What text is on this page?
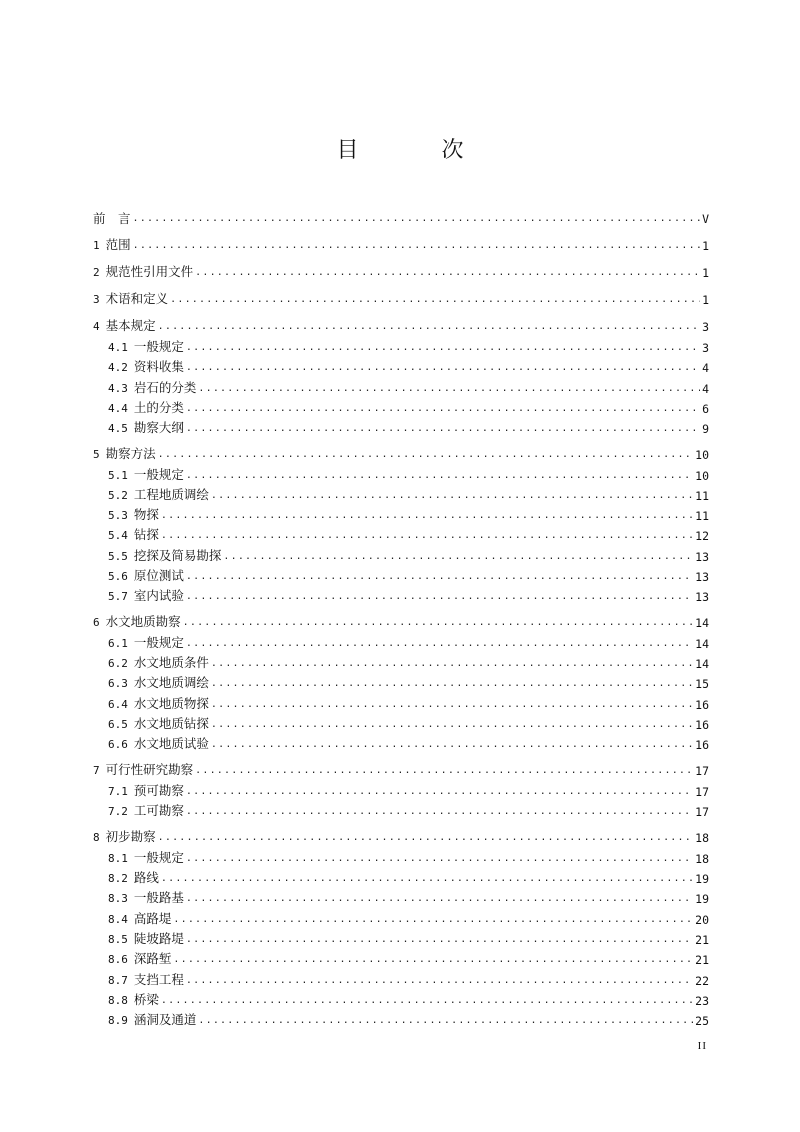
目 次
前　言 .....	V
1 范围 .....	1
2 规范性引用文件 .....	1
3 术语和定义 .....	1
4 基本规定 .....	3
4.1 一般规定 .....	3
4.2 资料收集 .....	4
4.3 岩石的分类 .....	4
4.4 土的分类 .....	6
4.5 勘察大纲 .....	9
5 勘察方法 .....	10
5.1 一般规定 .....	10
5.2 工程地质调绘 .....	11
5.3 物探 .....	11
5.4 钻探 .....	12
5.5 挖探及简易勘探 .....	13
5.6 原位测试 .....	13
5.7 室内试验 .....	13
6 水文地质勘察 .....	14
6.1 一般规定 .....	14
6.2 水文地质条件 .....	14
6.3 水文地质调绘 .....	15
6.4 水文地质物探 .....	16
6.5 水文地质钻探 .....	16
6.6 水文地质试验 .....	16
7 可行性研究勘察 .....	17
7.1 预可勘察 .....	17
7.2 工可勘察 .....	17
8 初步勘察 .....	18
8.1 一般规定 .....	18
8.2 路线 .....	19
8.3 一般路基 .....	19
8.4 高路堤 .....	20
8.5 陡坡路堤 .....	21
8.6 深路堑 .....	21
8.7 支挡工程 .....	22
8.8 桥梁 .....	23
8.9 涵洞及通道 .....	25
II
